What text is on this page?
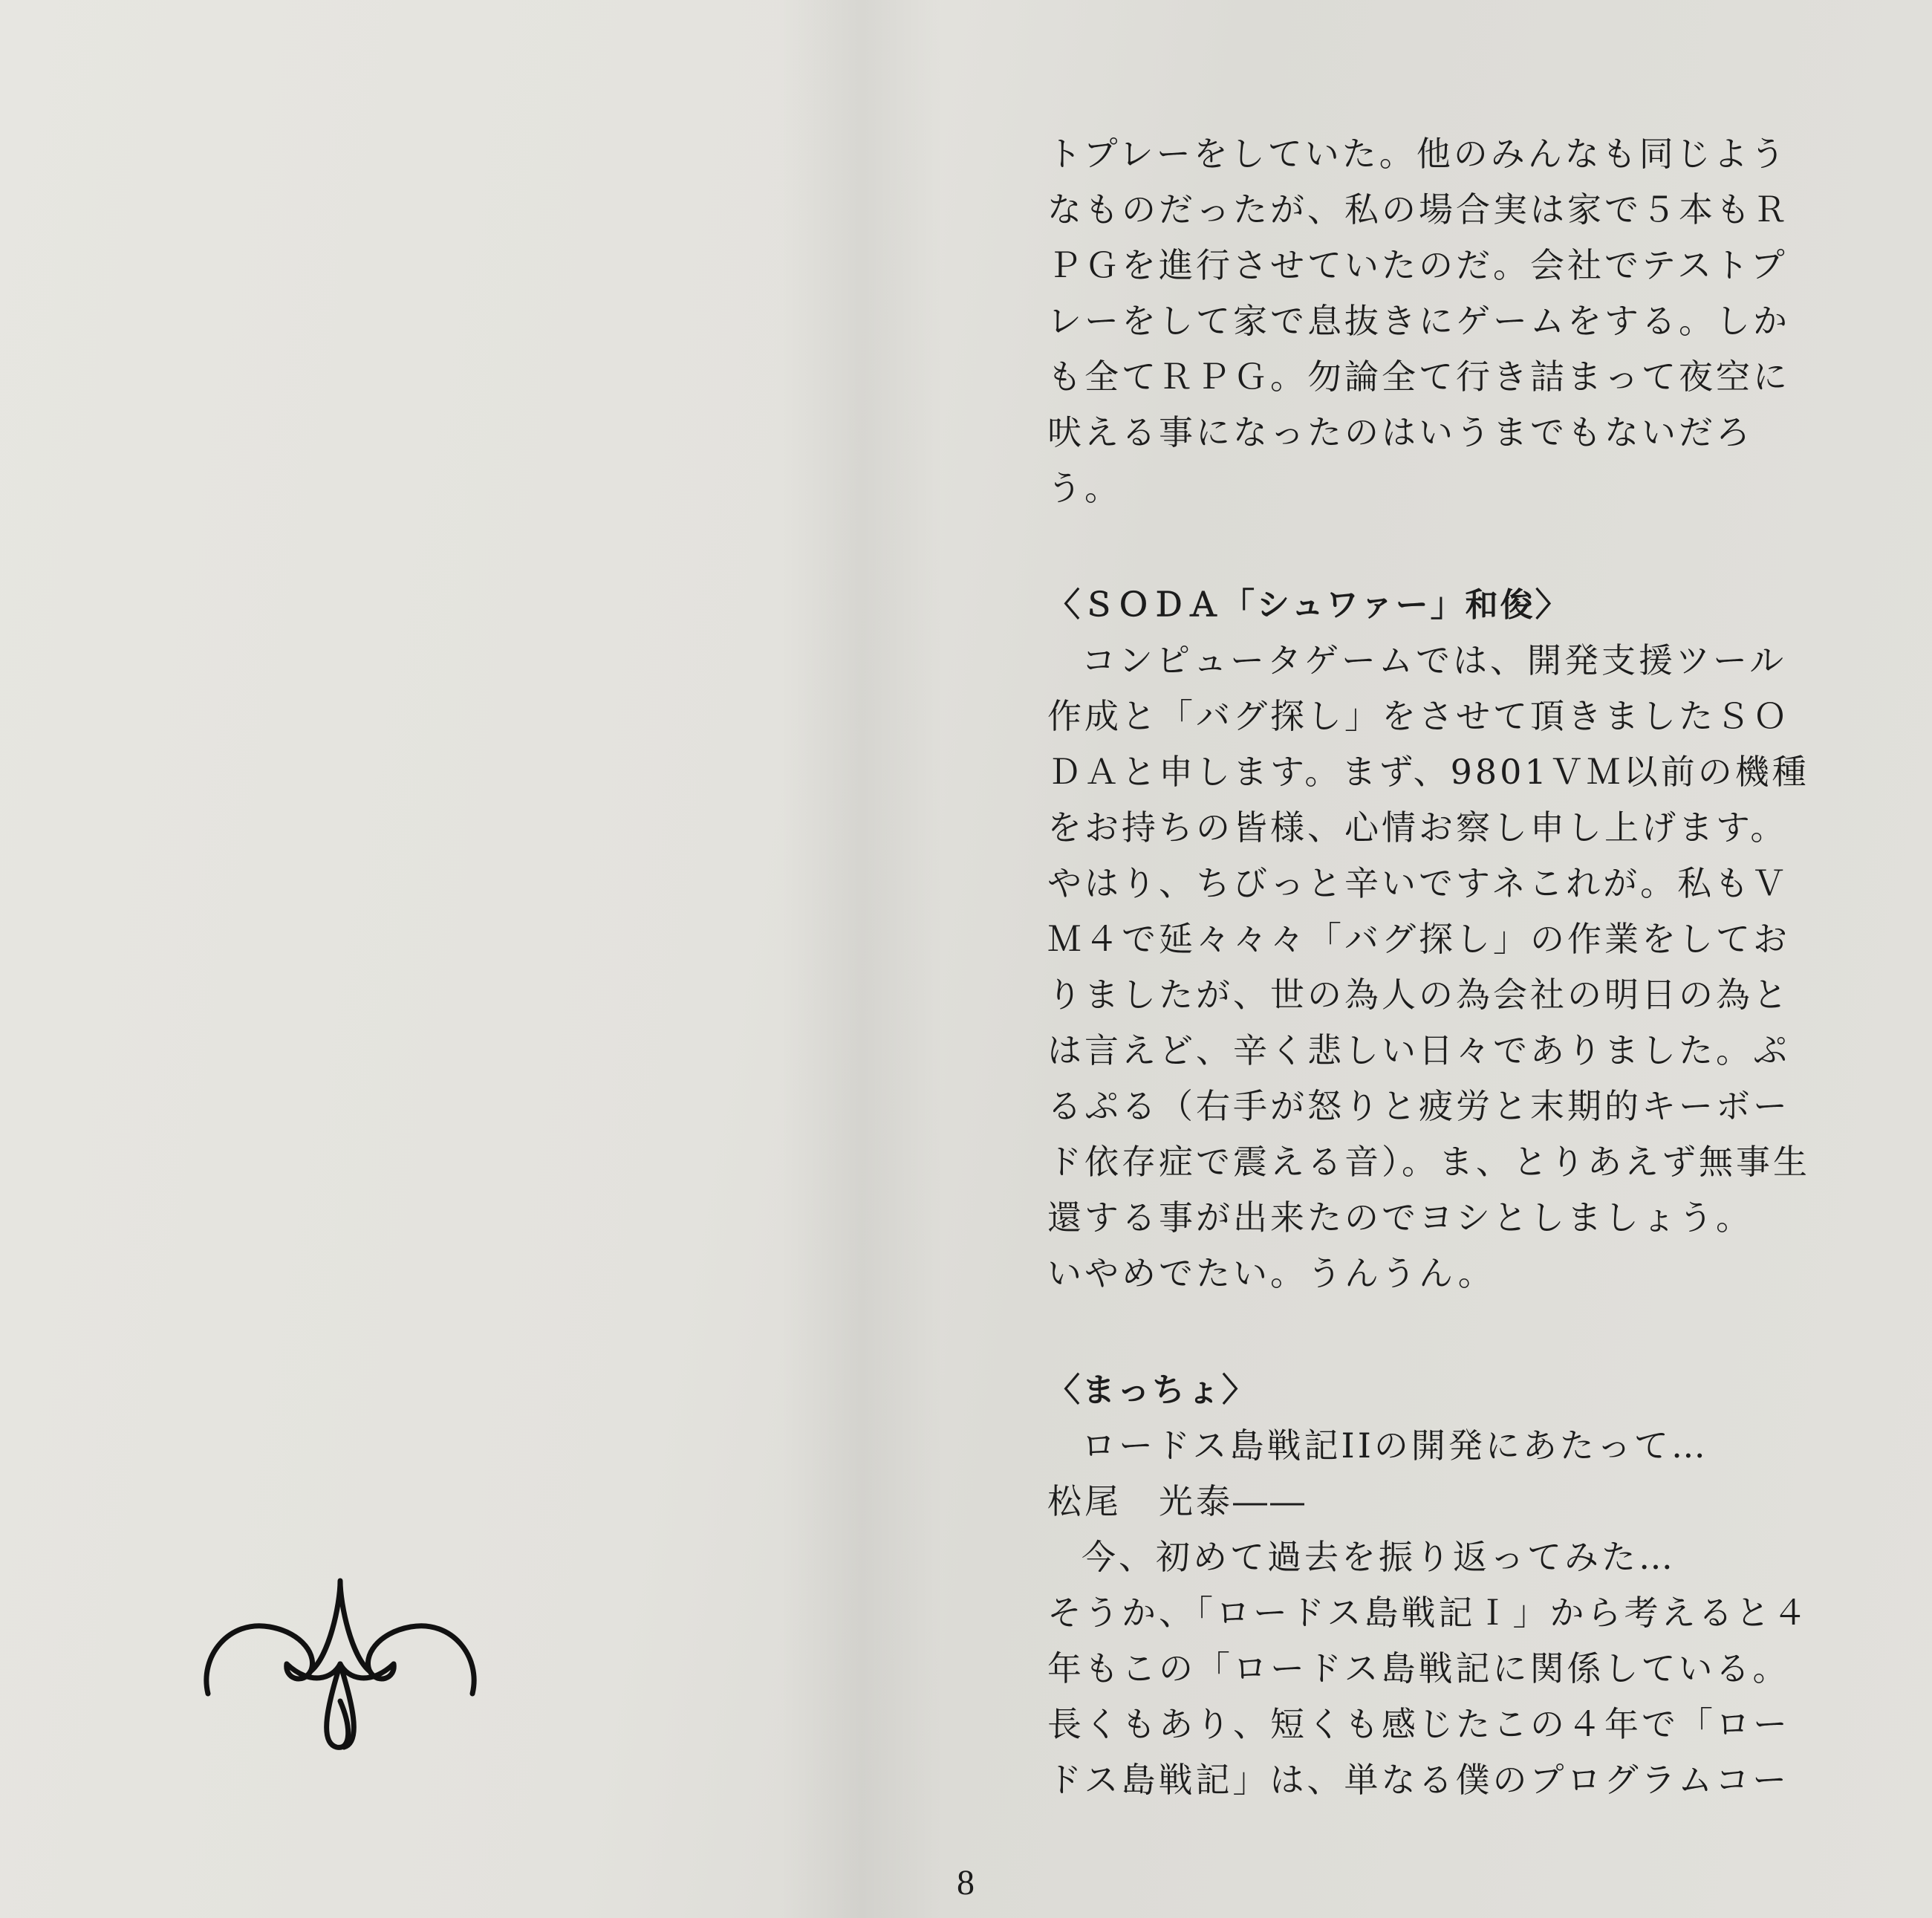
トプレーをしていた。他のみんなも同じよう
なものだったが、私の場合実は家で５本もＲ
ＰＧを進行させていたのだ。会社でテストプ
レーをして家で息抜きにゲームをする。しか
も全てＲＰＧ。勿論全て行き詰まって夜空に
吠える事になったのはいうまでもないだろ
う。
〈ＳＯＤＡ「シュワァー」和俊〉
コンピュータゲームでは、開発支援ツール
作成と「バグ探し」をさせて頂きましたＳＯ
ＤＡと申します。まず、9801ＶＭ以前の機種
をお持ちの皆様、心情お察し申し上げます。
やはり、ちびっと辛いですネこれが。私もＶ
Ｍ４で延々々々「バグ探し」の作業をしてお
りましたが、世の為人の為会社の明日の為と
は言えど、辛く悲しい日々でありました。ぷ
るぷる（右手が怒りと疲労と末期的キーボー
ド依存症で震える音）。ま、とりあえず無事生
還する事が出来たのでヨシとしましょう。
いやめでたい。うんうん。
〈まっちょ〉
ロードス島戦記IIの開発にあたって…
松尾　光泰――
今、初めて過去を振り返ってみた…
そうか、「ロードス島戦記Ｉ」から考えると４
年もこの「ロードス島戦記に関係している。
長くもあり、短くも感じたこの４年で「ロー
ドス島戦記」は、単なる僕のプログラムコー
8
